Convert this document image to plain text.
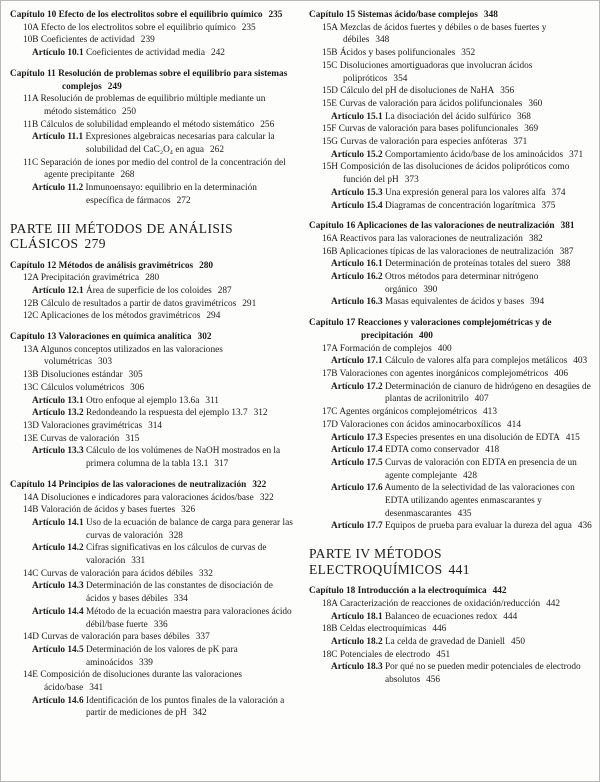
Capítulo 10 Efecto de los electrolitos sobre el equilibrio químico 235
10A Efecto de los electrolitos sobre el equilibrio químico 235
10B Coeficientes de actividad 239
Artículo 10.1 Coeficientes de actividad media 242
Capítulo 11 Resolución de problemas sobre el equilibrio para sistemas complejos 249
11A Resolución de problemas de equilibrio múltiple mediante un método sistemático 250
11B Cálculos de solubilidad empleando el método sistemático 256
Artículo 11.1 Expresiones algebraicas necesarias para calcular la solubilidad del CaC₂O₄ en agua 262
11C Separación de iones por medio del control de la concentración del agente precipitante 268
Artículo 11.2 Inmunoensayo: equilibrio en la determinación específica de fármacos 272
PARTE III MÉTODOS DE ANÁLISIS CLÁSICOS 279
Capítulo 12 Métodos de análisis gravimétricos 280
12A Precipitación gravimétrica 280
Artículo 12.1 Área de superficie de los coloides 287
12B Cálculo de resultados a partir de datos gravimétricos 291
12C Aplicaciones de los métodos gravimétricos 294
Capítulo 13 Valoraciones en química analítica 302
13A Algunos conceptos utilizados en las valoraciones volumétricas 303
13B Disoluciones estándar 305
13C Cálculos volumétricos 306
Artículo 13.1 Otro enfoque al ejemplo 13.6a 311
Artículo 13.2 Redondeando la respuesta del ejemplo 13.7 312
13D Valoraciones gravimétricas 314
13E Curvas de valoración 315
Artículo 13.3 Cálculo de los volúmenes de NaOH mostrados en la primera columna de la tabla 13.1 317
Capítulo 14 Principios de las valoraciones de neutralización 322
14A Disoluciones e indicadores para valoraciones ácidos/base 322
14B Valoración de ácidos y bases fuertes 326
Artículo 14.1 Uso de la ecuación de balance de carga para generar las curvas de valoración 328
Artículo 14.2 Cifras significativas en los cálculos de curvas de valoración 331
14C Curvas de valoración para ácidos débiles 332
Artículo 14.3 Determinación de las constantes de disociación de ácidos y bases débiles 334
Artículo 14.4 Método de la ecuación maestra para valoraciones ácido débil/base fuerte 336
14D Curvas de valoración para bases débiles 337
Artículo 14.5 Determinación de los valores de pK para aminoácidos 339
14E Composición de disoluciones durante las valoraciones ácido/base 341
Artículo 14.6 Identificación de los puntos finales de la valoración a partir de mediciones de pH 342
Capítulo 15 Sistemas ácido/base complejos 348
15A Mezclas de ácidos fuertes y débiles o de bases fuertes y débiles 348
15B Ácidos y bases polifuncionales 352
15C Disoluciones amortiguadoras que involucran ácidos polipróticos 354
15D Cálculo del pH de disoluciones de NaHA 356
15E Curvas de valoración para ácidos polifuncionales 360
Artículo 15.1 La disociación del ácido sulfúrico 368
15F Curvas de valoración para bases polifuncionales 369
15G Curvas de valoración para especies anfóteras 371
Artículo 15.2 Comportamiento ácido/base de los aminoácidos 371
15H Composición de las disoluciones de ácidos polipróticos como función del pH 373
Artículo 15.3 Una expresión general para los valores alfa 374
Artículo 15.4 Diagramas de concentración logarítmica 375
Capítulo 16 Aplicaciones de las valoraciones de neutralización 381
16A Reactivos para las valoraciones de neutralización 382
16B Aplicaciones típicas de las valoraciones de neutralización 387
Artículo 16.1 Determinación de proteínas totales del suero 388
Artículo 16.2 Otros métodos para determinar nitrógeno orgánico 390
Artículo 16.3 Masas equivalentes de ácidos y bases 394
Capítulo 17 Reacciones y valoraciones complejométricas y de precipitación 400
17A Formación de complejos 400
Artículo 17.1 Cálculo de valores alfa para complejos metálicos 403
17B Valoraciones con agentes inorgánicos complejométricos 406
Artículo 17.2 Determinación de cianuro de hidrógeno en desagües de plantas de acrilonitrilo 407
17C Agentes orgánicos complejométricos 413
17D Valoraciones con ácidos aminocarboxílicos 414
Artículo 17.3 Especies presentes en una disolución de EDTA 415
Artículo 17.4 EDTA como conservador 418
Artículo 17.5 Curvas de valoración con EDTA en presencia de un agente complejante 428
Artículo 17.6 Aumento de la selectividad de las valoraciones con EDTA utilizando agentes enmascarantes y desenmascarantes 435
Artículo 17.7 Equipos de prueba para evaluar la dureza del agua 436
PARTE IV MÉTODOS ELECTROQUÍMICOS 441
Capítulo 18 Introducción a la electroquímica 442
18A Caracterización de reacciones de oxidación/reducción 442
Artículo 18.1 Balanceo de ecuaciones redox 444
18B Celdas electroquímicas 446
Artículo 18.2 La celda de gravedad de Daniell 450
18C Potenciales de electrodo 451
Artículo 18.3 Por qué no se pueden medir potenciales de electrodo absolutos 456
